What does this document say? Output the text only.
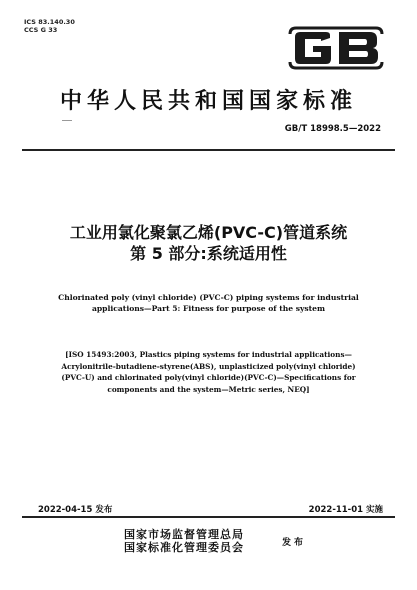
ICS 83.140.30
CCS G 33
中华人民共和国国家标准
GB/T 18998.5—2022
工业用氯化聚氯乙烯(PVC-C)管道系统
第 5 部分:系统适用性
Chlorinated poly (vinyl chloride) (PVC-C) piping systems for industrial
applications—Part 5: Fitness for purpose of the system
[ISO 15493:2003, Plastics piping systems for industrial applications—
Acrylonitrile-butadiene-styrene(ABS), unplasticized poly(vinyl chloride)
(PVC-U) and chlorinated poly(vinyl chloride)(PVC-C)—Specifications for
components and the system—Metric series, NEQ]
2022-04-15 发布	2022-11-01 实施
国家市场监督管理总局
国家标准化管理委员会	发布
